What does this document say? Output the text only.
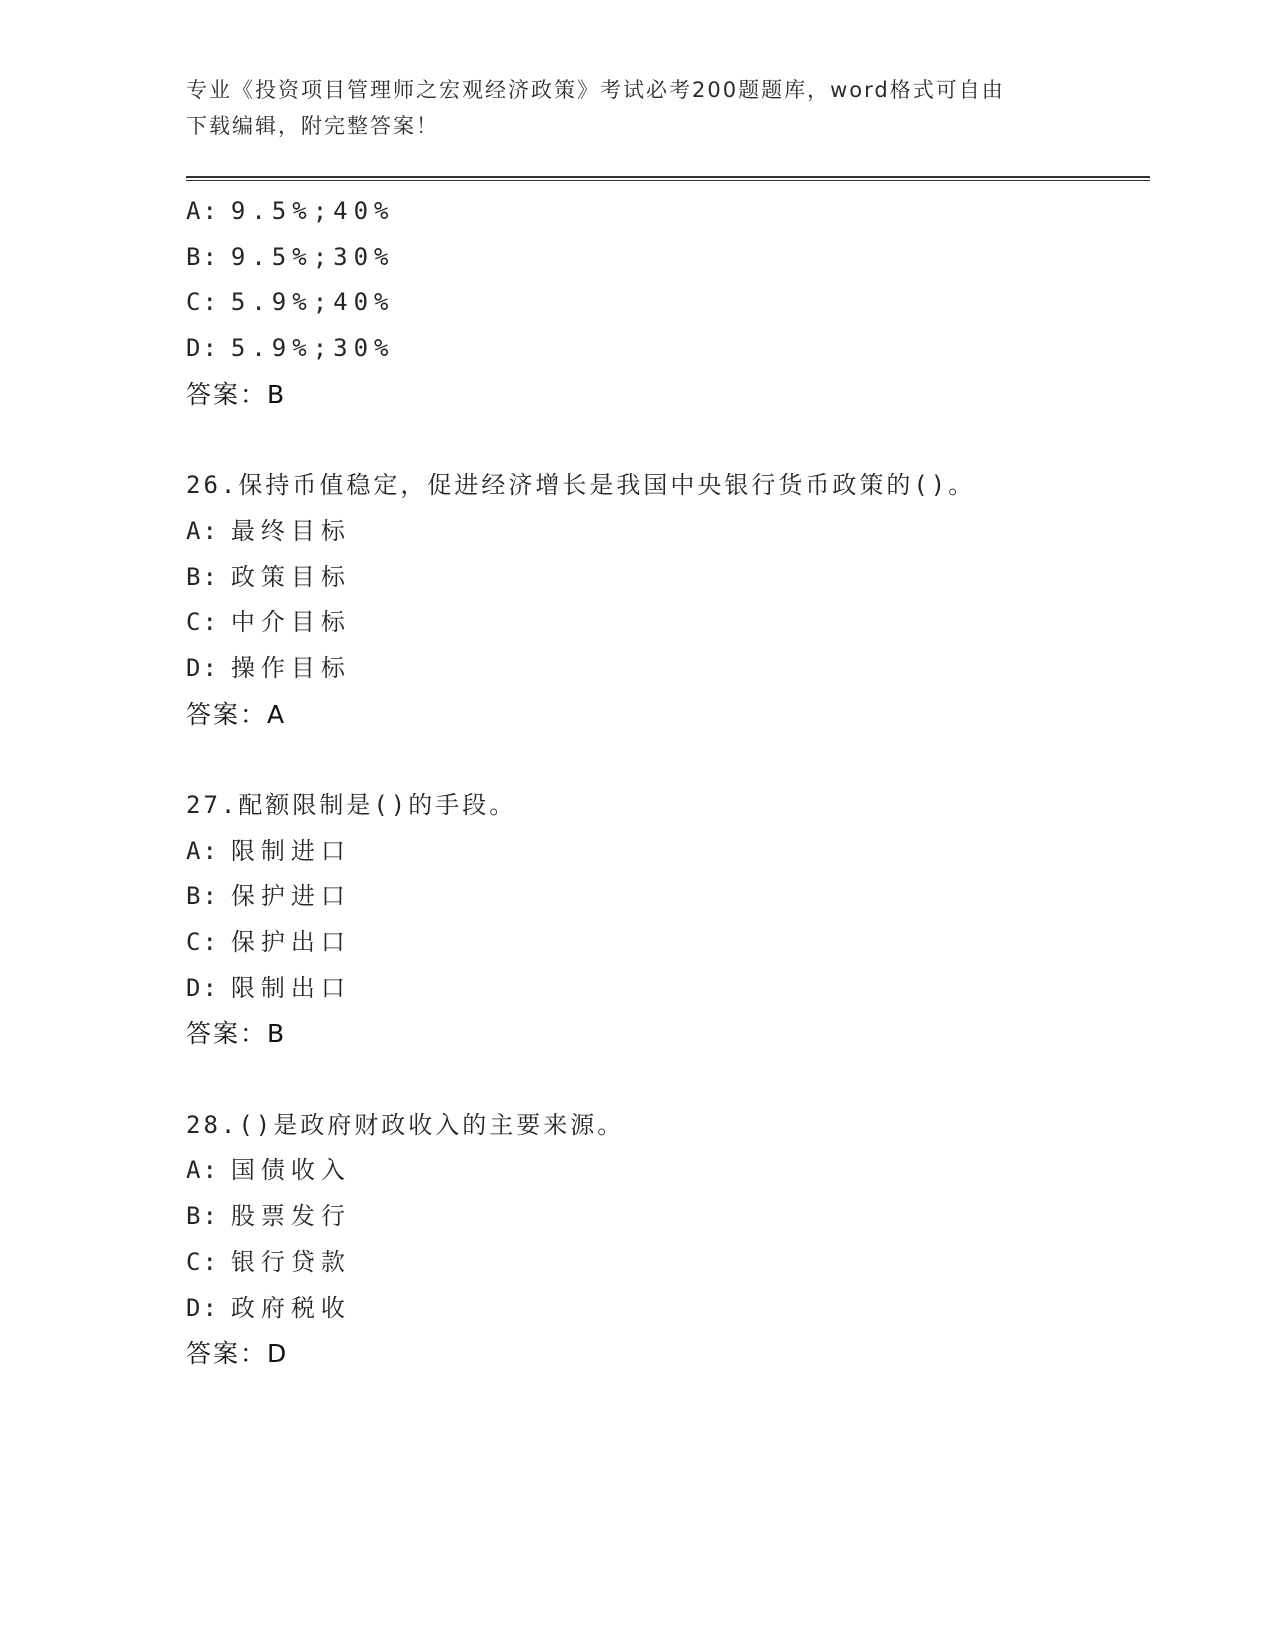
专业《投资项目管理师之宏观经济政策》考试必考200题题库，word格式可自由
下载编辑，附完整答案！
A: 9.5%;40%
B: 9.5%;30%
C: 5.9%;40%
D: 5.9%;30%
答案：B
26.保持币值稳定，促进经济增长是我国中央银行货币政策的()。
A: 最终目标
B: 政策目标
C: 中介目标
D: 操作目标
答案：A
27.配额限制是()的手段。
A: 限制进口
B: 保护进口
C: 保护出口
D: 限制出口
答案：B
28.()是政府财政收入的主要来源。
A: 国债收入
B: 股票发行
C: 银行贷款
D: 政府税收
答案：D
